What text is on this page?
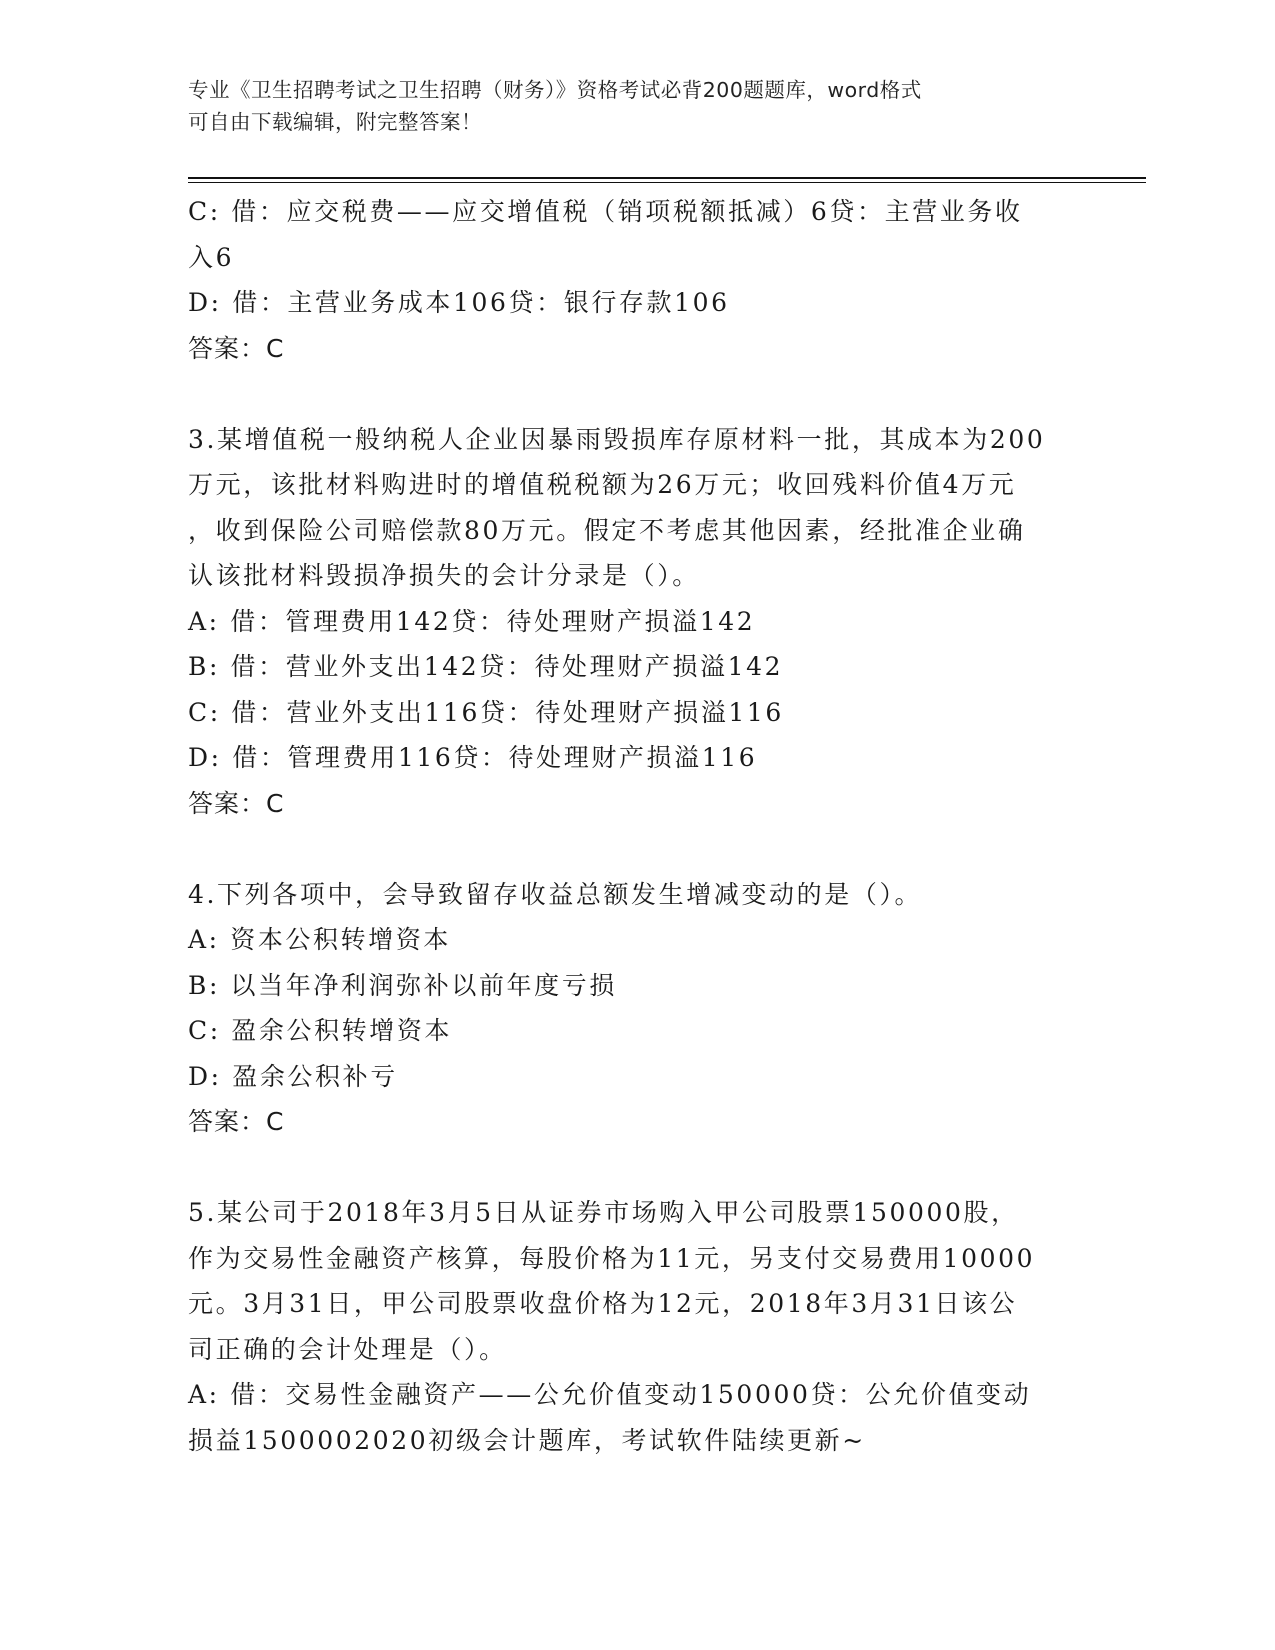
专业《卫生招聘考试之卫生招聘（财务）》资格考试必背200题题库，word格式
可自由下载编辑，附完整答案！
C: 借：应交税费——应交增值税（销项税额抵减）6贷：主营业务收
入6
D: 借：主营业务成本106贷：银行存款106
答案：C
3.某增值税一般纳税人企业因暴雨毁损库存原材料一批，其成本为200
万元，该批材料购进时的增值税税额为26万元；收回残料价值4万元
，收到保险公司赔偿款80万元。假定不考虑其他因素，经批准企业确
认该批材料毁损净损失的会计分录是（）。
A: 借：管理费用142贷：待处理财产损溢142
B: 借：营业外支出142贷：待处理财产损溢142
C: 借：营业外支出116贷：待处理财产损溢116
D: 借：管理费用116贷：待处理财产损溢116
答案：C
4.下列各项中，会导致留存收益总额发生增减变动的是（）。
A: 资本公积转增资本
B: 以当年净利润弥补以前年度亏损
C: 盈余公积转增资本
D: 盈余公积补亏
答案：C
5.某公司于2018年3月5日从证券市场购入甲公司股票150000股，
作为交易性金融资产核算，每股价格为11元，另支付交易费用10000
元。3月31日，甲公司股票收盘价格为12元，2018年3月31日该公
司正确的会计处理是（）。
A: 借：交易性金融资产——公允价值变动150000贷：公允价值变动
损益1500002020初级会计题库，考试软件陆续更新~
